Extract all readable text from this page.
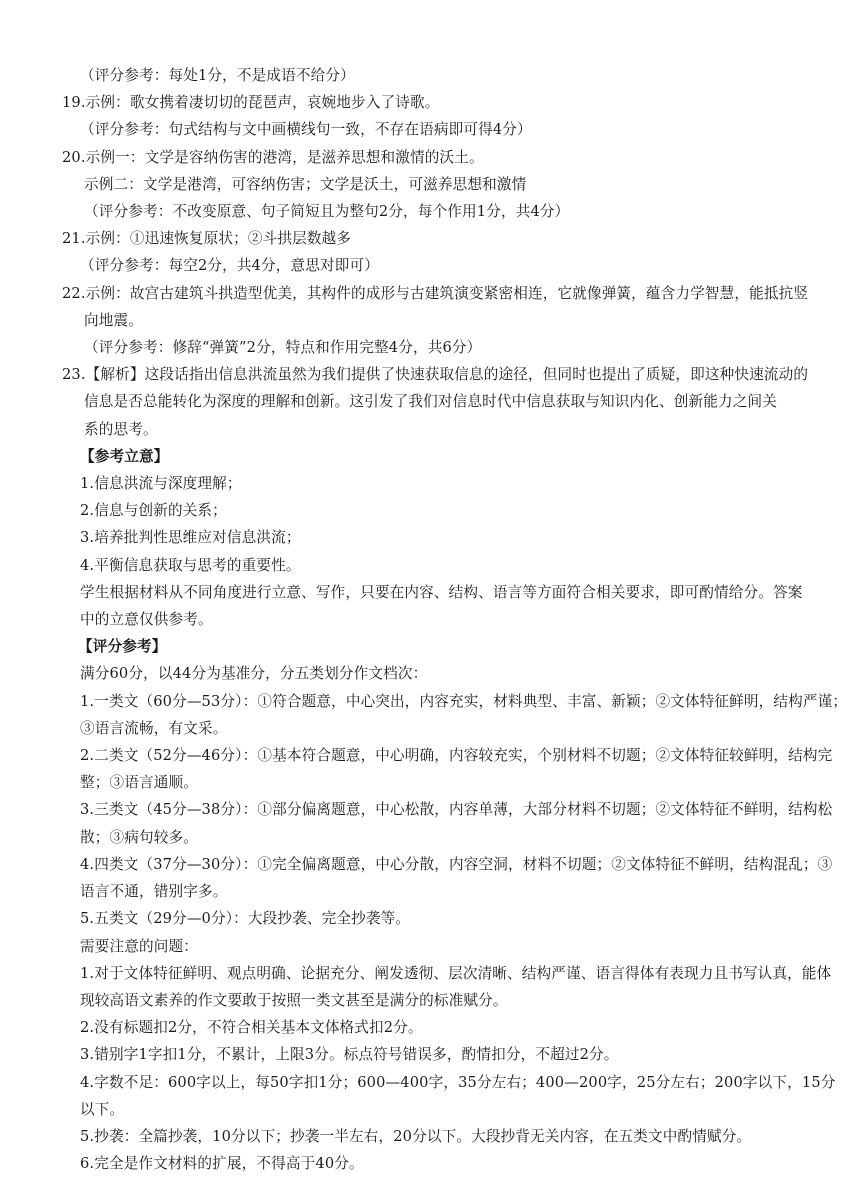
（评分参考：每处1分，不是成语不给分）
19.示例：歌女携着凄切切的琵琶声，哀婉地步入了诗歌。
（评分参考：句式结构与文中画横线句一致，不存在语病即可得4分）
20.示例一：文学是容纳伤害的港湾，是滋养思想和激情的沃土。
示例二：文学是港湾，可容纳伤害；文学是沃土，可滋养思想和激情
（评分参考：不改变原意、句子简短且为整句2分，每个作用1分，共4分）
21.示例：①迅速恢复原状；②斗拱层数越多
（评分参考：每空2分，共4分，意思对即可）
22.示例：故宫古建筑斗拱造型优美，其构件的成形与古建筑演变紧密相连，它就像弹簧，蕴含力学智慧，能抵抗竖
向地震。
（评分参考：修辞“弹簧”2分，特点和作用完整4分，共6分）
23.【解析】这段话指出信息洪流虽然为我们提供了快速获取信息的途径，但同时也提出了质疑，即这种快速流动的
信息是否总能转化为深度的理解和创新。这引发了我们对信息时代中信息获取与知识内化、创新能力之间关
系的思考。
【参考立意】
1.信息洪流与深度理解；
2.信息与创新的关系；
3.培养批判性思维应对信息洪流；
4.平衡信息获取与思考的重要性。
学生根据材料从不同角度进行立意、写作，只要在内容、结构、语言等方面符合相关要求，即可酌情给分。答案
中的立意仅供参考。
【评分参考】
满分60分，以44分为基准分，分五类划分作文档次：
1.一类文（60分—53分）：①符合题意，中心突出，内容充实，材料典型、丰富、新颖；②文体特征鲜明，结构严谨；
③语言流畅，有文采。
2.二类文（52分—46分）：①基本符合题意，中心明确，内容较充实，个别材料不切题；②文体特征较鲜明，结构完
整；③语言通顺。
3.三类文（45分—38分）：①部分偏离题意，中心松散，内容单薄，大部分材料不切题；②文体特征不鲜明，结构松
散；③病句较多。
4.四类文（37分—30分）：①完全偏离题意，中心分散，内容空洞，材料不切题；②文体特征不鲜明，结构混乱；③
语言不通，错别字多。
5.五类文（29分—0分）：大段抄袭、完全抄袭等。
需要注意的问题：
1.对于文体特征鲜明、观点明确、论据充分、阐发透彻、层次清晰、结构严谨、语言得体有表现力且书写认真，能体
现较高语文素养的作文要敢于按照一类文甚至是满分的标准赋分。
2.没有标题扣2分，不符合相关基本文体格式扣2分。
3.错别字1字扣1分，不累计，上限3分。标点符号错误多，酌情扣分，不超过2分。
4.字数不足：600字以上，每50字扣1分；600—400字，35分左右；400—200字，25分左右；200字以下，15分
以下。
5.抄袭：全篇抄袭，10分以下；抄袭一半左右，20分以下。大段抄背无关内容，在五类文中酌情赋分。
6.完全是作文材料的扩展，不得高于40分。
